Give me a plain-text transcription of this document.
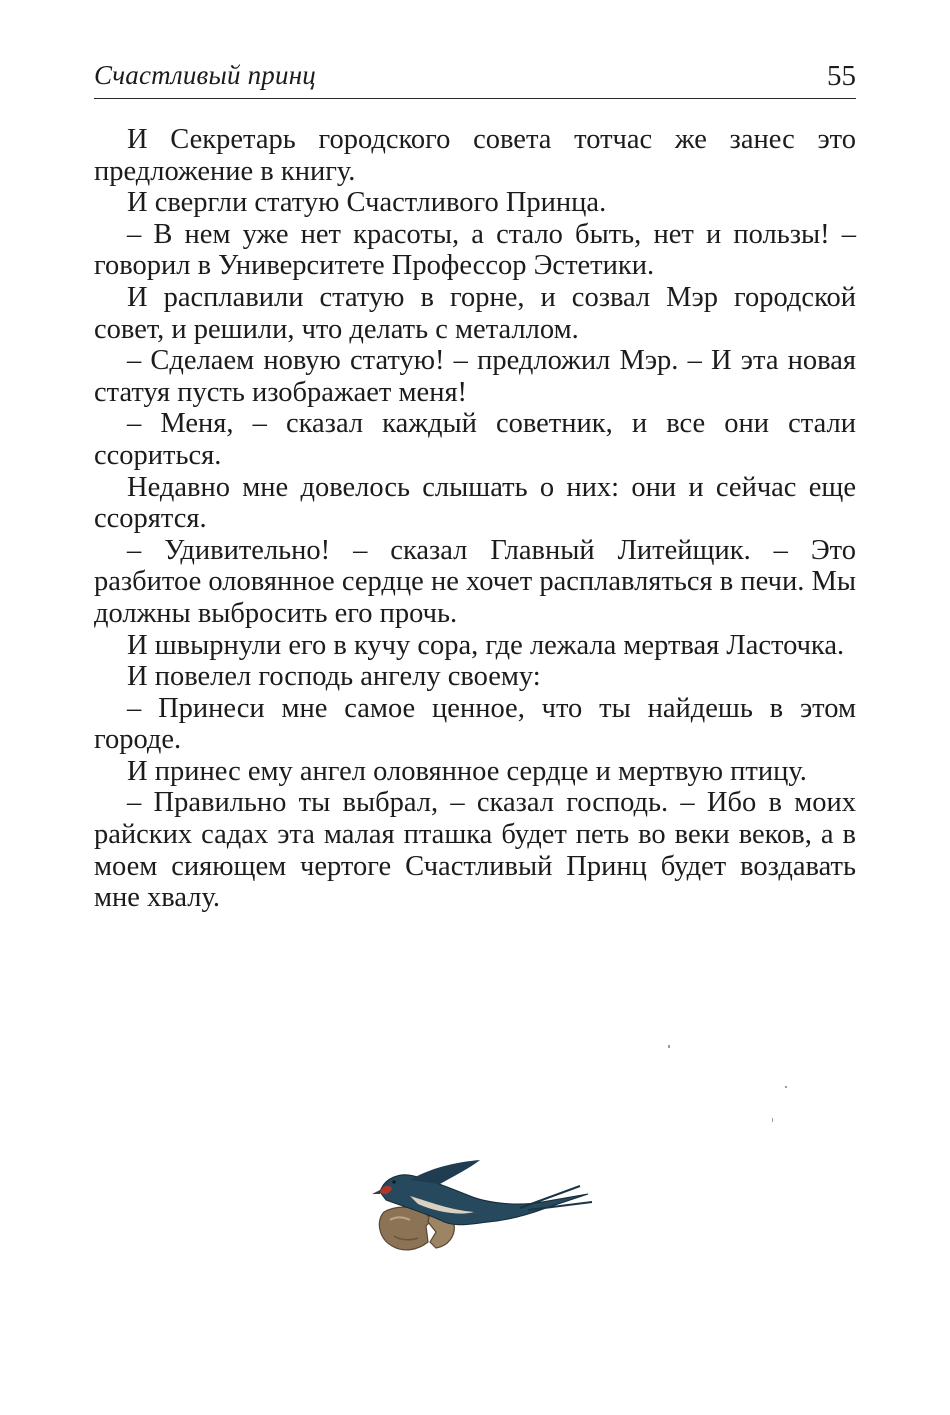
Счастливый принц	55

И Секретарь городского совета тотчас же занес это предложение в книгу.

И свергли статую Счастливого Принца.

– В нем уже нет красоты, а стало быть, нет и пользы! – говорил в Университете Профессор Эстетики.

И расплавили статую в горне, и созвал Мэр городской совет, и решили, что делать с металлом.

– Сделаем новую статую! – предложил Мэр. – И эта новая статуя пусть изображает меня!

– Меня, – сказал каждый советник, и все они стали ссориться.

Недавно мне довелось слышать о них: они и сейчас еще ссорятся.

– Удивительно! – сказал Главный Литейщик. – Это разбитое оловянное сердце не хочет расплавляться в печи. Мы должны выбросить его прочь.

И швырнули его в кучу сора, где лежала мертвая Ласточка.

И повелел господь ангелу своему:

– Принеси мне самое ценное, что ты найдешь в этом городе.

И принес ему ангел оловянное сердце и мертвую птицу.

– Правильно ты выбрал, – сказал господь. – Ибо в моих райских садах эта малая пташка будет петь во веки веков, а в моем сияющем чертоге Счастливый Принц будет воздавать мне хвалу.
